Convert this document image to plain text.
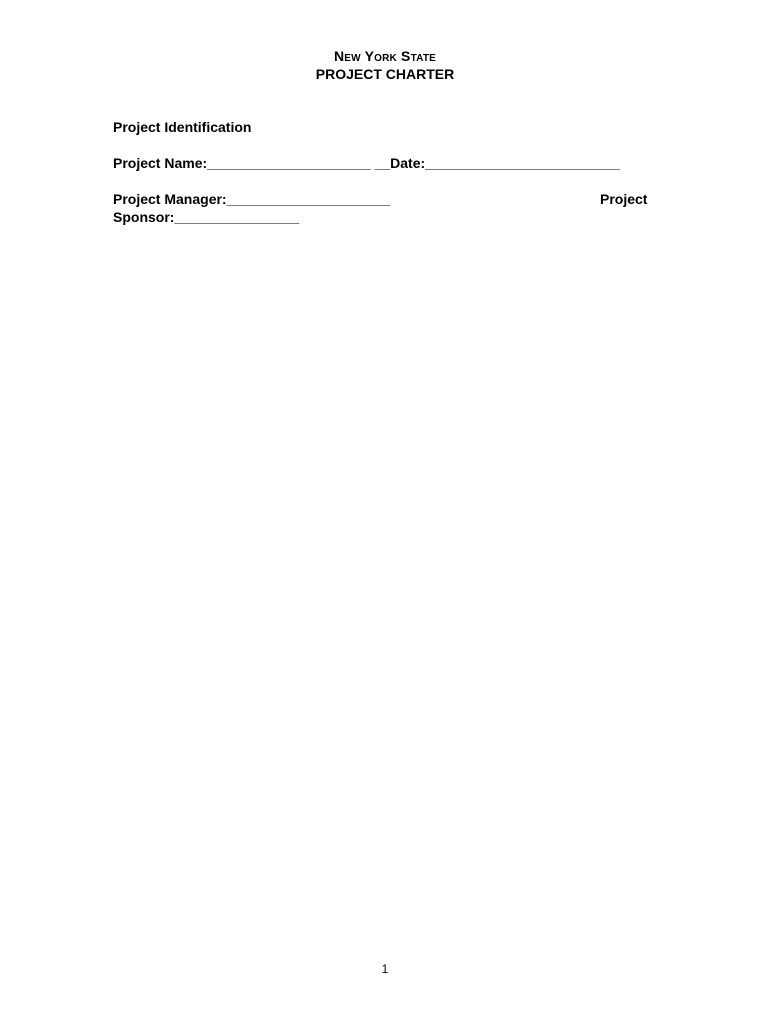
New York State
PROJECT CHARTER
Project Identification
Project Name:_____________________ __Date:_________________________
Project Manager:_____________________	Project
Sponsor:________________
1
